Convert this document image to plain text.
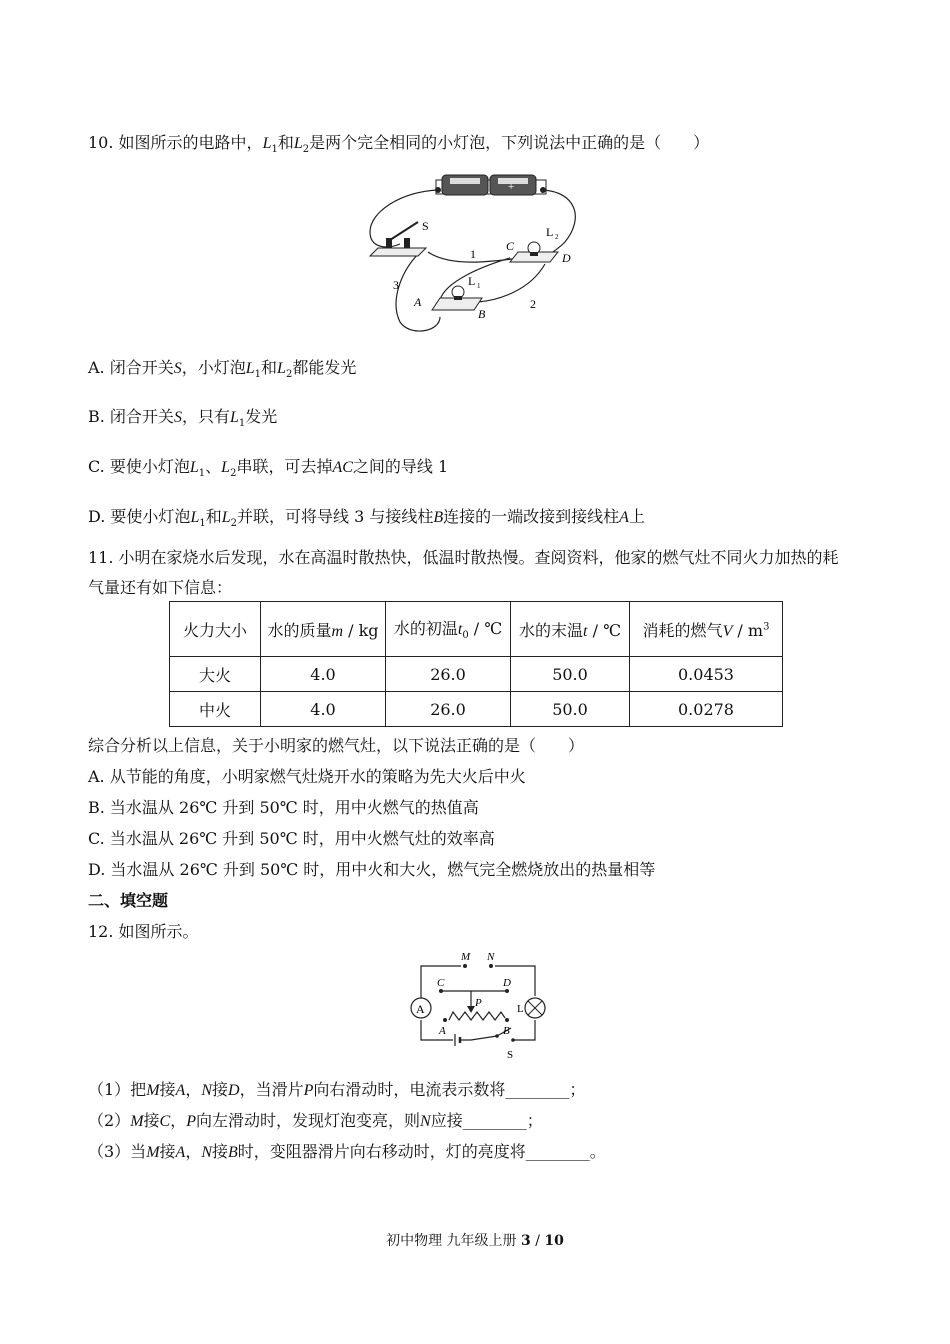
10. 如图所示的电路中，$L_1$和$L_2$是两个完全相同的小灯泡，下列说法中正确的是（　　）
+
S	L 2
C
D
1
L 1
3
A
B
2
A. 闭合开关S，小灯泡$L_1$和$L_2$都能发光
B. 闭合开关S，只有$L_1$发光
C. 要使小灯泡$L_1$、$L_2$串联，可去掉AC之间的导线 1
D. 要使小灯泡$L_1$和$L_2$并联，可将导线 3 与接线柱B连接的一端改接到接线柱A上
11. 小明在家烧水后发现，水在高温时散热快，低温时散热慢。查阅资料，他家的燃气灶不同火力加热的耗
气量还有如下信息：
火力大小	水的质量m / kg	水的初温$t_0$ / ℃	水的末温t / ℃	消耗的燃气V / $m^3$
大火	4.0	26.0	50.0	0.0453
中火	4.0	26.0	50.0	0.0278
综合分析以上信息，关于小明家的燃气灶，以下说法正确的是（　　）
A. 从节能的角度，小明家燃气灶烧开水的策略为先大火后中火
B. 当水温从 26℃ 升到 50℃ 时，用中火燃气的热值高
C. 当水温从 26℃ 升到 50℃ 时，用中火燃气灶的效率高
D. 当水温从 26℃ 升到 50℃ 时，用中火和大火，燃气完全燃烧放出的热量相等
二、填空题
12. 如图所示。
A
M N
C	D
P
A	B
L
S
（1）把M接A，N接D，当滑片P向右滑动时，电流表示数将________；
（2）M接C，P向左滑动时，发现灯泡变亮，则N应接________；
（3）当M接A，N接B时，变阻器滑片向右移动时，灯的亮度将________。
初中物理 九年级上册 3 / 10
